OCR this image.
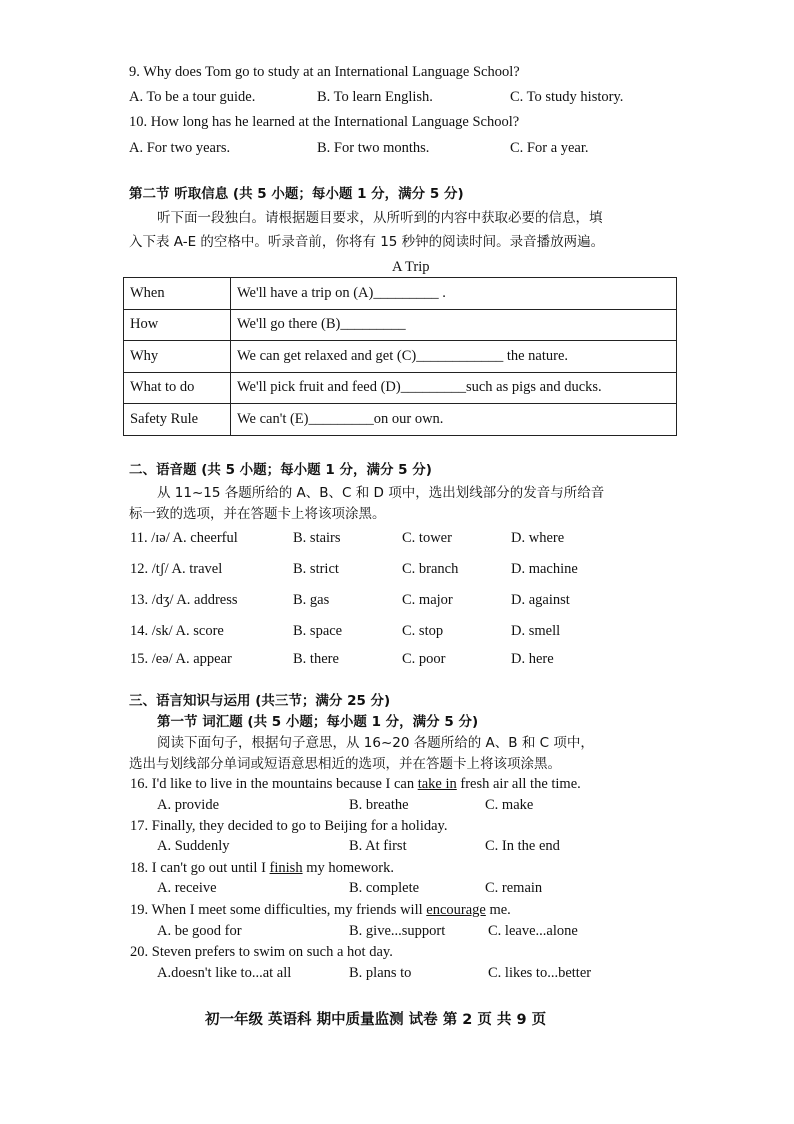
9. Why does Tom go to study at an International Language School?
A. To be a tour guide.	B. To learn English.	C. To study history.
10. How long has he learned at the International Language School?
A. For two years.	B. For two months.	C. For a year.
第二节 听取信息 (共 5 小题；每小题 1 分，满分 5 分)
听下面一段独白。请根据题目要求，从所听到的内容中获取必要的信息，填
入下表 A-E 的空格中。听录音前，你将有 15 秒钟的阅读时间。录音播放两遍。
A Trip
When	We'll have a trip on (A)_________ .
How	We'll go there (B)_________
Why	We can get relaxed and get (C)____________ the nature.
What to do	We'll pick fruit and feed (D)_________such as pigs and ducks.
Safety Rule	We can't (E)_________on our own.
二、语音题 (共 5 小题；每小题 1 分，满分 5 分)
从 11~15 各题所给的 A、B、C 和 D 项中，选出划线部分的发音与所给音
标一致的选项，并在答题卡上将该项涂黑。
11. /ɪə/ A. cheerful	B. stairs	C. tower	D. where
12. /tʃ/ A. travel	B. strict	C. branch	D. machine
13. /dʒ/ A. address	B. gas	C. major	D. against
14. /sk/ A. score	B. space	C. stop	D. smell
15. /eə/ A. appear	B. there	C. poor	D. here
三、语言知识与运用 (共三节；满分 25 分)
第一节 词汇题 (共 5 小题；每小题 1 分，满分 5 分)
阅读下面句子，根据句子意思，从 16~20 各题所给的 A、B 和 C 项中，
选出与划线部分单词或短语意思相近的选项，并在答题卡上将该项涂黑。
16. I'd like to live in the mountains because I can take in fresh air all the time.
A. provide	B. breathe	C. make
17. Finally, they decided to go to Beijing for a holiday.
A. Suddenly	B. At first	C. In the end
18. I can't go out until I finish my homework.
A. receive	B. complete	C. remain
19. When I meet some difficulties, my friends will encourage me.
A. be good for	B. give...support	C. leave...alone
20. Steven prefers to swim on such a hot day.
A.doesn't like to...at all	B. plans to	C. likes to...better
初一年级 英语科 期中质量监测 试卷 第 2 页 共 9 页
